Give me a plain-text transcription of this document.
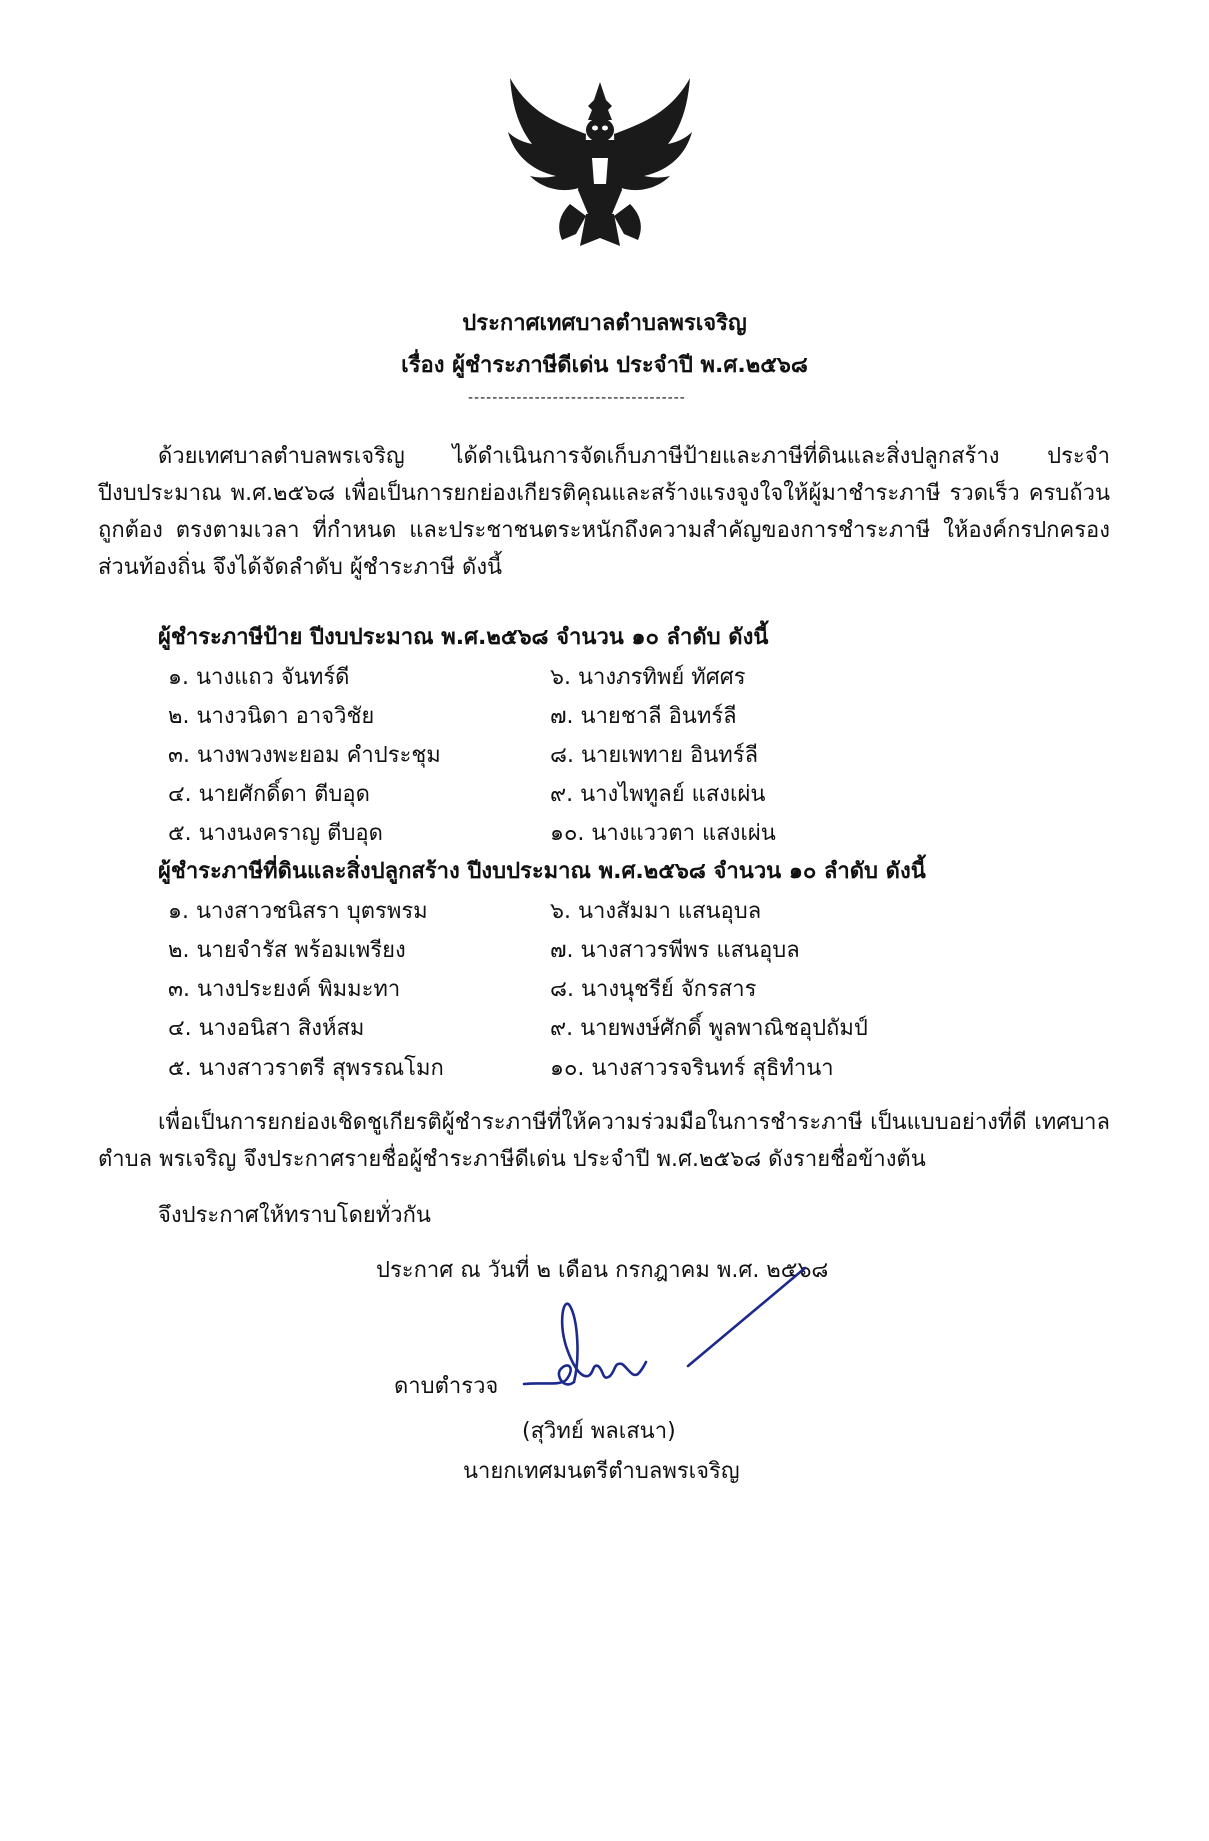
ประกาศเทศบาลตำบลพรเจริญ
เรื่อง ผู้ชำระภาษีดีเด่น ประจำปี พ.ศ.๒๕๖๘
------------------------------------
ด้วยเทศบาลตำบลพรเจริญ ได้ดำเนินการจัดเก็บภาษีป้ายและภาษีที่ดินและสิ่งปลูกสร้าง ประจำปีงบประมาณ พ.ศ.๒๕๖๘ เพื่อเป็นการยกย่องเกียรติคุณและสร้างแรงจูงใจให้ผู้มาชำระภาษี รวดเร็ว ครบถ้วน ถูกต้อง ตรงตามเวลา ที่กำหนด และประชาชนตระหนักถึงความสำคัญของการชำระภาษี ให้องค์กรปกครองส่วนท้องถิ่น จึงได้จัดลำดับ ผู้ชำระภาษี ดังนี้
ผู้ชำระภาษีป้าย ปีงบประมาณ พ.ศ.๒๕๖๘ จำนวน ๑๐ ลำดับ ดังนี้
๑. นางแถว จันทร์ดี
๒. นางวนิดา อาจวิชัย
๓. นางพวงพะยอม คำประชุม
๔. นายศักดิ์ดา ตีบอุด
๕. นางนงคราญ ตีบอุด
๖. นางภรทิพย์ ทัศศร
๗. นายชาลี อินทร์ลี
๘. นายเพทาย อินทร์ลี
๙. นางไพทูลย์ แสงเผ่น
๑๐. นางแววตา แสงเผ่น
ผู้ชำระภาษีที่ดินและสิ่งปลูกสร้าง ปีงบประมาณ พ.ศ.๒๕๖๘ จำนวน ๑๐ ลำดับ ดังนี้
๑. นางสาวชนิสรา บุตรพรม
๒. นายจำรัส พร้อมเพรียง
๓. นางประยงค์ พิมมะทา
๔. นางอนิสา สิงห์สม
๕. นางสาวราตรี สุพรรณโมก
๖. นางสัมมา แสนอุบล
๗. นางสาวรพีพร แสนอุบล
๘. นางนุชรีย์ จักรสาร
๙. นายพงษ์ศักดิ์ พูลพาณิชอุปถัมป์
๑๐. นางสาวรจรินทร์ สุธิทำนา
เพื่อเป็นการยกย่องเชิดชูเกียรติผู้ชำระภาษีที่ให้ความร่วมมือในการชำระภาษี เป็นแบบอย่างที่ดี เทศบาลตำบล พรเจริญ จึงประกาศรายชื่อผู้ชำระภาษีดีเด่น ประจำปี พ.ศ.๒๕๖๘ ดังรายชื่อข้างต้น
จึงประกาศให้ทราบโดยทั่วกัน
ประกาศ ณ วันที่ ๒ เดือน กรกฎาคม พ.ศ. ๒๕๖๘
ดาบตำรวจ
(สุวิทย์ พลเสนา)
นายกเทศมนตรีตำบลพรเจริญ
